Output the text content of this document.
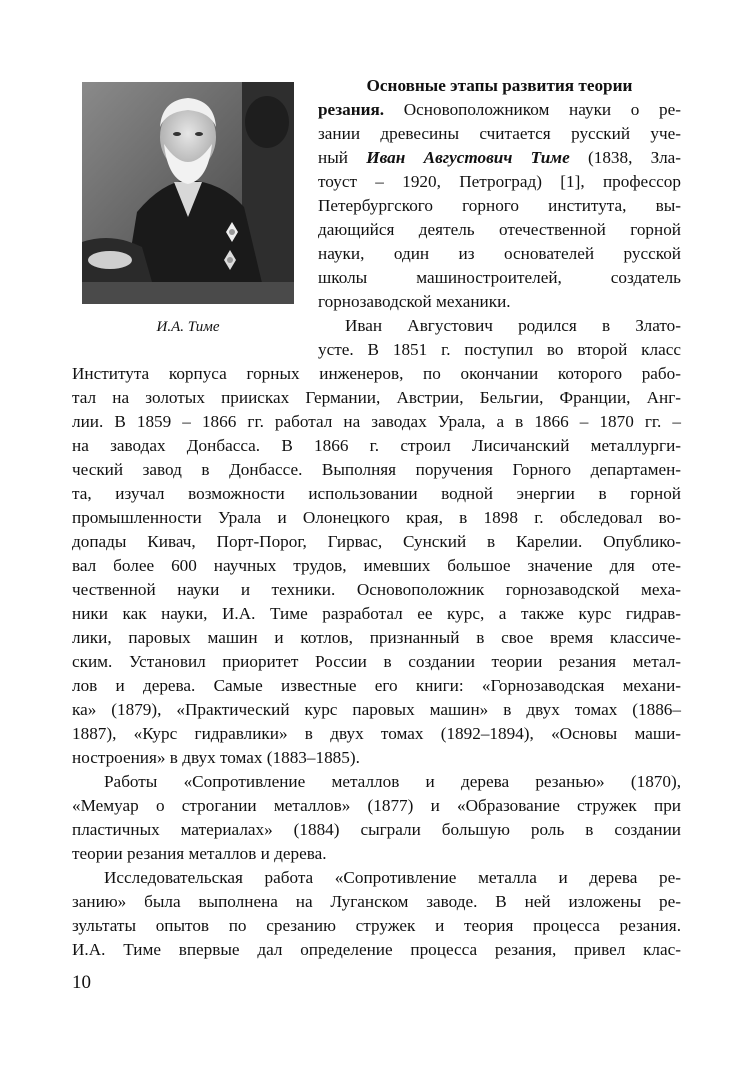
И.А. Тиме
Основные этапы развития теории
резания. Основоположником науки о ре-
зании древесины считается русский уче-
ный Иван Августович Тиме (1838, Зла-
тоуст – 1920, Петроград) [1], профессор
Петербургского горного института, вы-
дающийся деятель отечественной горной
науки, один из основателей русской
школы машиностроителей, создатель
горнозаводской механики.
Иван Августович родился в Злато-
усте. В 1851 г. поступил во второй класс
Института корпуса горных инженеров, по окончании которого рабо-
тал на золотых приисках Германии, Австрии, Бельгии, Франции, Анг-
лии. В 1859 – 1866 гг. работал на заводах Урала, а в 1866 – 1870 гг. –
на заводах Донбасса. В 1866 г. строил Лисичанский металлурги-
ческий завод в Донбассе. Выполняя поручения Горного департамен-
та, изучал возможности использовании водной энергии в горной
промышленности Урала и Олонецкого края, в 1898 г. обследовал во-
допады Кивач, Порт-Порог, Гирвас, Сунский в Карелии. Опублико-
вал более 600 научных трудов, имевших большое значение для оте-
чественной науки и техники. Основоположник горнозаводской меха-
ники как науки, И.А. Тиме разработал ее курс, а также курс гидрав-
лики, паровых машин и котлов, признанный в свое время классиче-
ским. Установил приоритет России в создании теории резания метал-
лов и дерева. Самые известные его книги: «Горнозаводская механи-
ка» (1879), «Практический курс паровых машин» в двух томах (1886–
1887), «Курс гидравлики» в двух томах (1892–1894), «Основы маши-
ностроения» в двух томах (1883–1885).
Работы «Сопротивление металлов и дерева резанью» (1870),
«Мемуар о строгании металлов» (1877) и «Образование стружек при
пластичных материалах» (1884) сыграли большую роль в создании
теории резания металлов и дерева.
Исследовательская работа «Сопротивление металла и дерева ре-
занию» была выполнена на Луганском заводе. В ней изложены ре-
зультаты опытов по срезанию стружек и теория процесса резания.
И.А. Тиме впервые дал определение процесса резания, привел клас-
10
